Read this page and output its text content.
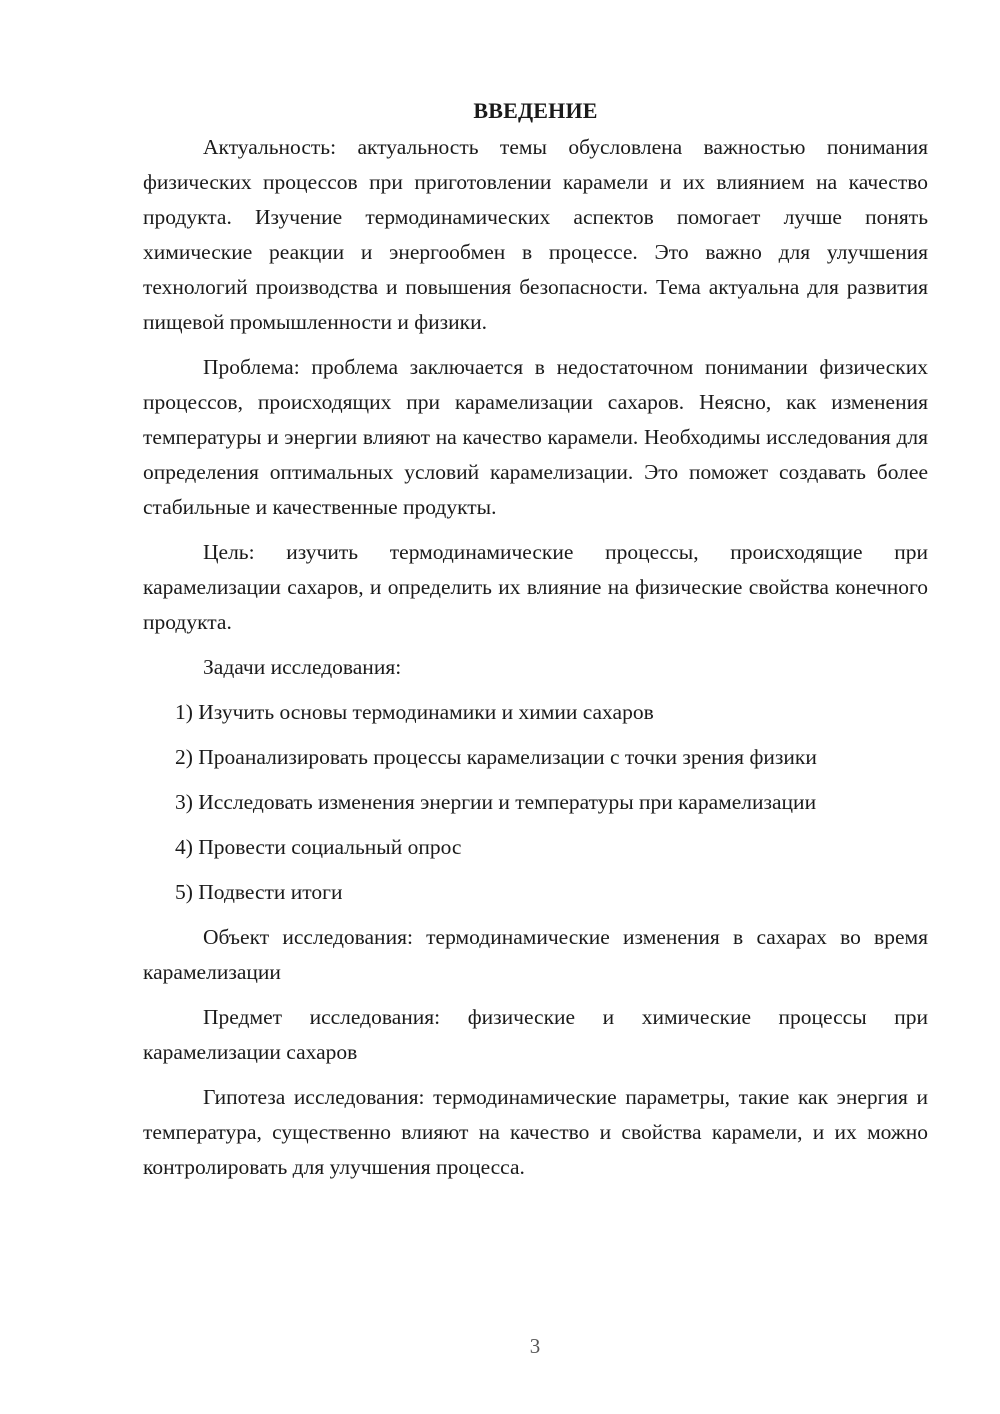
ВВЕДЕНИЕ

Актуальность: актуальность темы обусловлена важностью понимания физических процессов при приготовлении карамели и их влиянием на качество продукта. Изучение термодинамических аспектов помогает лучше понять химические реакции и энергообмен в процессе. Это важно для улучшения технологий производства и повышения безопасности. Тема актуальна для развития пищевой промышленности и физики.

Проблема: проблема заключается в недостаточном понимании физических процессов, происходящих при карамелизации сахаров. Неясно, как изменения температуры и энергии влияют на качество карамели. Необходимы исследования для определения оптимальных условий карамелизации. Это поможет создавать более стабильные и качественные продукты.

Цель: изучить термодинамические процессы, происходящие при карамелизации сахаров, и определить их влияние на физические свойства конечного продукта.

Задачи исследования:

1) Изучить основы термодинамики и химии сахаров
2) Проанализировать процессы карамелизации с точки зрения физики
3) Исследовать изменения энергии и температуры при карамелизации
4) Провести социальный опрос
5) Подвести итоги

Объект исследования: термодинамические изменения в сахарах во время карамелизации

Предмет исследования: физические и химические процессы при карамелизации сахаров

Гипотеза исследования: термодинамические параметры, такие как энергия и температура, существенно влияют на качество и свойства карамели, и их можно контролировать для улучшения процесса.

3
